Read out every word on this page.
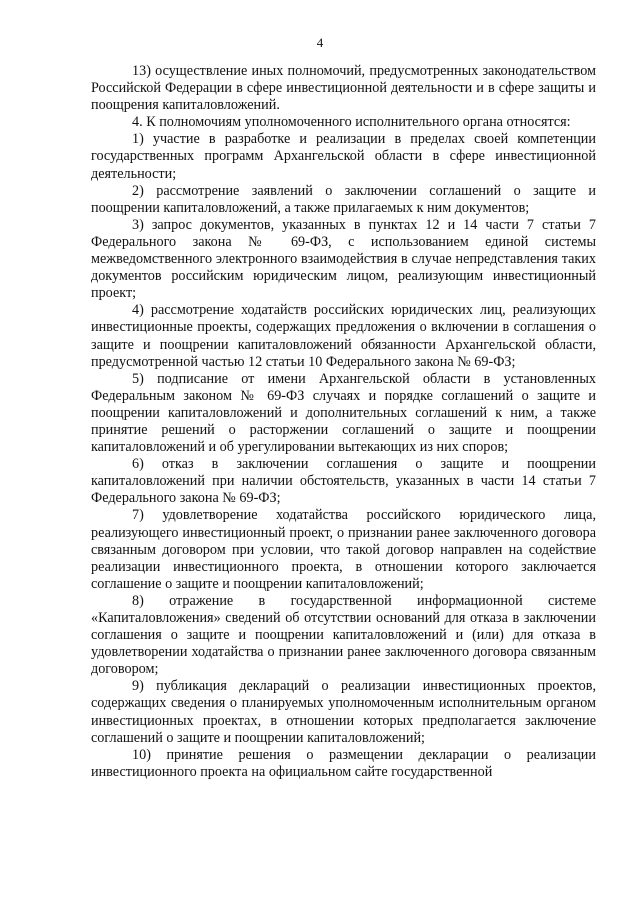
4

13) осуществление иных полномочий, предусмотренных законодательством Российской Федерации в сфере инвестиционной деятельности и в сфере защиты и поощрения капиталовложений.

4. К полномочиям уполномоченного исполнительного органа относятся:

1) участие в разработке и реализации в пределах своей компетенции государственных программ Архангельской области в сфере инвестиционной деятельности;

2) рассмотрение заявлений о заключении соглашений о защите и поощрении капиталовложений, а также прилагаемых к ним документов;

3) запрос документов, указанных в пунктах 12 и 14 части 7 статьи 7 Федерального закона № 69-ФЗ, с использованием единой системы межведомственного электронного взаимодействия в случае непредставления таких документов российским юридическим лицом, реализующим инвестиционный проект;

4) рассмотрение ходатайств российских юридических лиц, реализующих инвестиционные проекты, содержащих предложения о включении в соглашения о защите и поощрении капиталовложений обязанности Архангельской области, предусмотренной частью 12 статьи 10 Федерального закона № 69-ФЗ;

5) подписание от имени Архангельской области в установленных Федеральным законом № 69-ФЗ случаях и порядке соглашений о защите и поощрении капиталовложений и дополнительных соглашений к ним, а также принятие решений о расторжении соглашений о защите и поощрении капиталовложений и об урегулировании вытекающих из них споров;

6) отказ в заключении соглашения о защите и поощрении капиталовложений при наличии обстоятельств, указанных в части 14 статьи 7 Федерального закона № 69-ФЗ;

7) удовлетворение ходатайства российского юридического лица, реализующего инвестиционный проект, о признании ранее заключенного договора связанным договором при условии, что такой договор направлен на содействие реализации инвестиционного проекта, в отношении которого заключается соглашение о защите и поощрении капиталовложений;

8) отражение в государственной информационной системе «Капиталовложения» сведений об отсутствии оснований для отказа в заключении соглашения о защите и поощрении капиталовложений и (или) для отказа в удовлетворении ходатайства о признании ранее заключенного договора связанным договором;

9) публикация деклараций о реализации инвестиционных проектов, содержащих сведения о планируемых уполномоченным исполнительным органом инвестиционных проектах, в отношении которых предполагается заключение соглашений о защите и поощрении капиталовложений;

10) принятие решения о размещении декларации о реализации инвестиционного проекта на официальном сайте государственной
